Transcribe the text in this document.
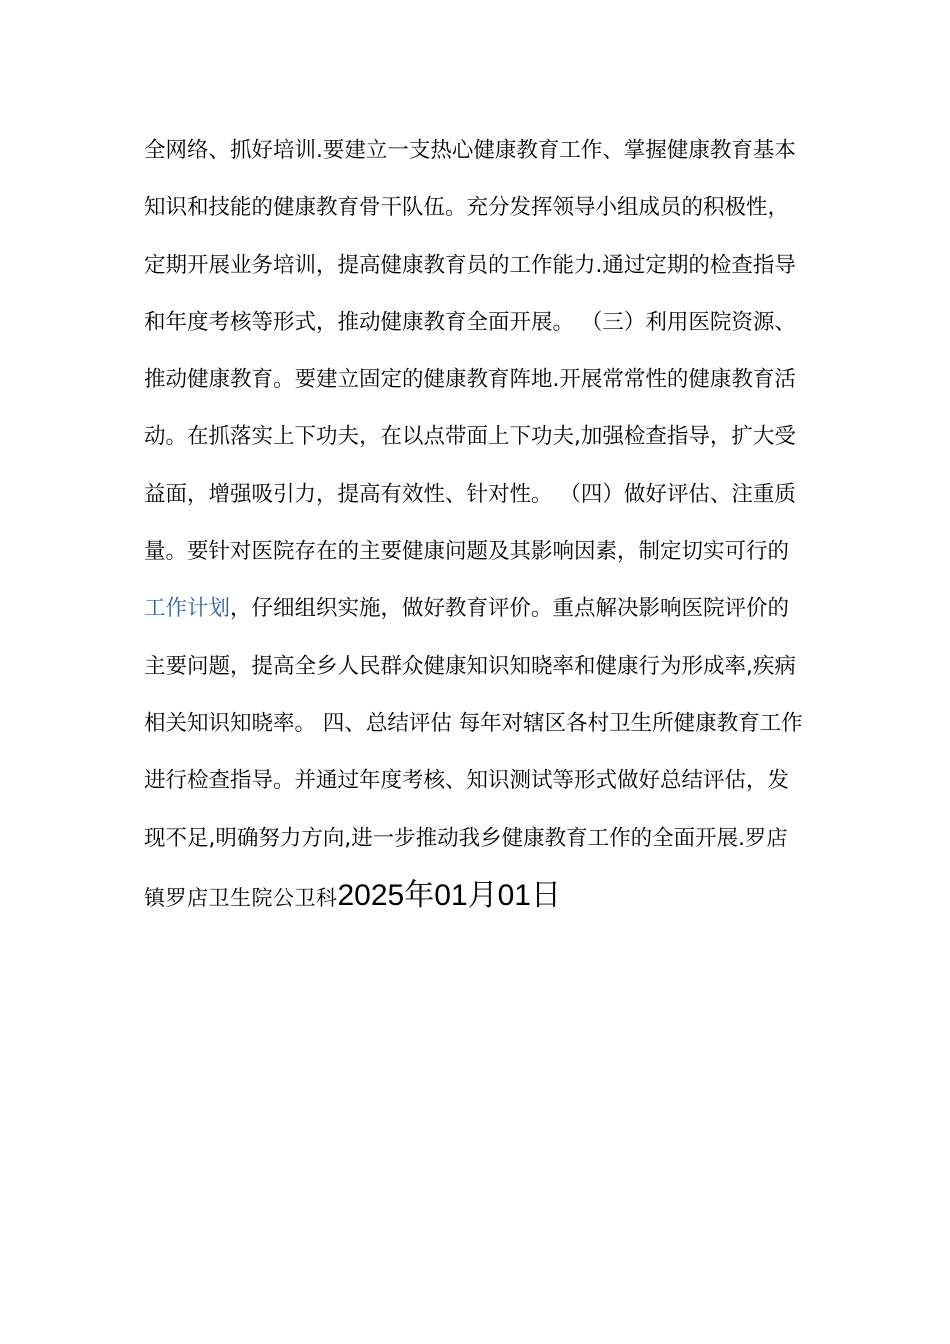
全网络、抓好培训.要建立一支热心健康教育工作、掌握健康教育基本知识和技能的健康教育骨干队伍。充分发挥领导小组成员的积极性，定期开展业务培训，提高健康教育员的工作能力.通过定期的检查指导和年度考核等形式，推动健康教育全面开展。 （三）利用医院资源、推动健康教育。要建立固定的健康教育阵地.开展常常性的健康教育活动。在抓落实上下功夫，在以点带面上下功夫,加强检查指导，扩大受益面，增强吸引力，提高有效性、针对性。 （四）做好评估、注重质量。要针对医院存在的主要健康问题及其影响因素，制定切实可行的工作计划，仔细组织实施，做好教育评价。重点解决影响医院评价的主要问题，提高全乡人民群众健康知识知晓率和健康行为形成率,疾病相关知识知晓率。 四、总结评估 每年对辖区各村卫生所健康教育工作进行检查指导。并通过年度考核、知识测试等形式做好总结评估，发现不足,明确努力方向,进一步推动我乡健康教育工作的全面开展.罗店镇罗店卫生院公卫科2025年01月01日
